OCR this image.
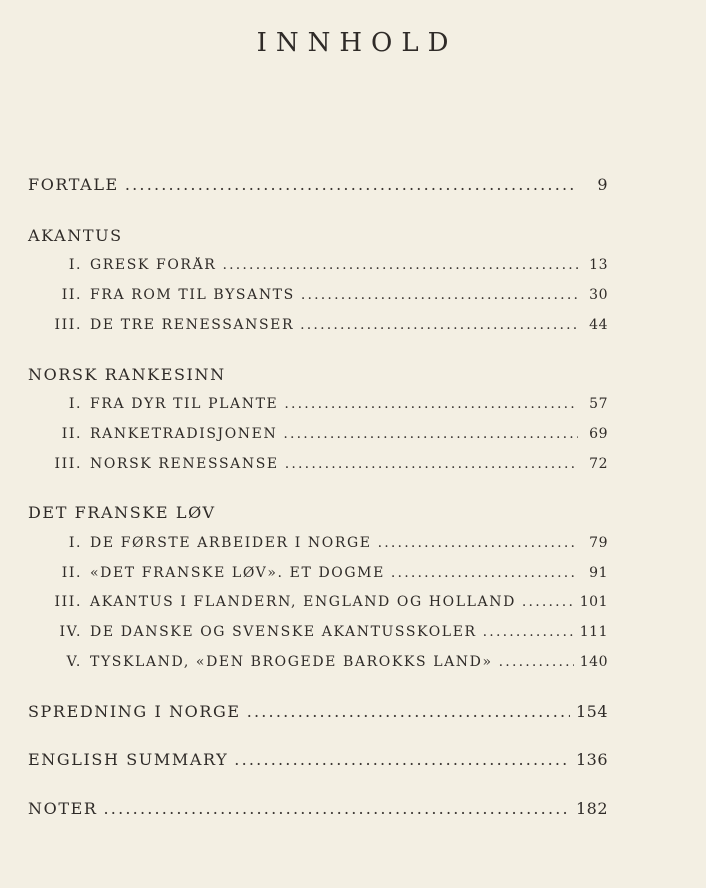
INNHOLD
FORTALE .....	9
AKANTUS
I. GRESK FORÅR .....	13
II. FRA ROM TIL BYSANTS .....	30
III. DE TRE RENESSANSER .....	44
NORSK RANKESINN
I. FRA DYR TIL PLANTE .....	57
II. RANKETRADISJONEN .....	69
III. NORSK RENESSANSE .....	72
DET FRANSKE LØV
I. DE FØRSTE ARBEIDER I NORGE .....	79
II. «DET FRANSKE LØV». ET DOGME .....	91
III. AKANTUS I FLANDERN, ENGLAND OG HOLLAND .....	101
IV. DE DANSKE OG SVENSKE AKANTUSSKOLER .....	111
V. TYSKLAND, «DEN BROGEDE BAROKKS LAND» .....	140
SPREDNING I NORGE .....	154
ENGLISH SUMMARY .....	136
NOTER .....	182
